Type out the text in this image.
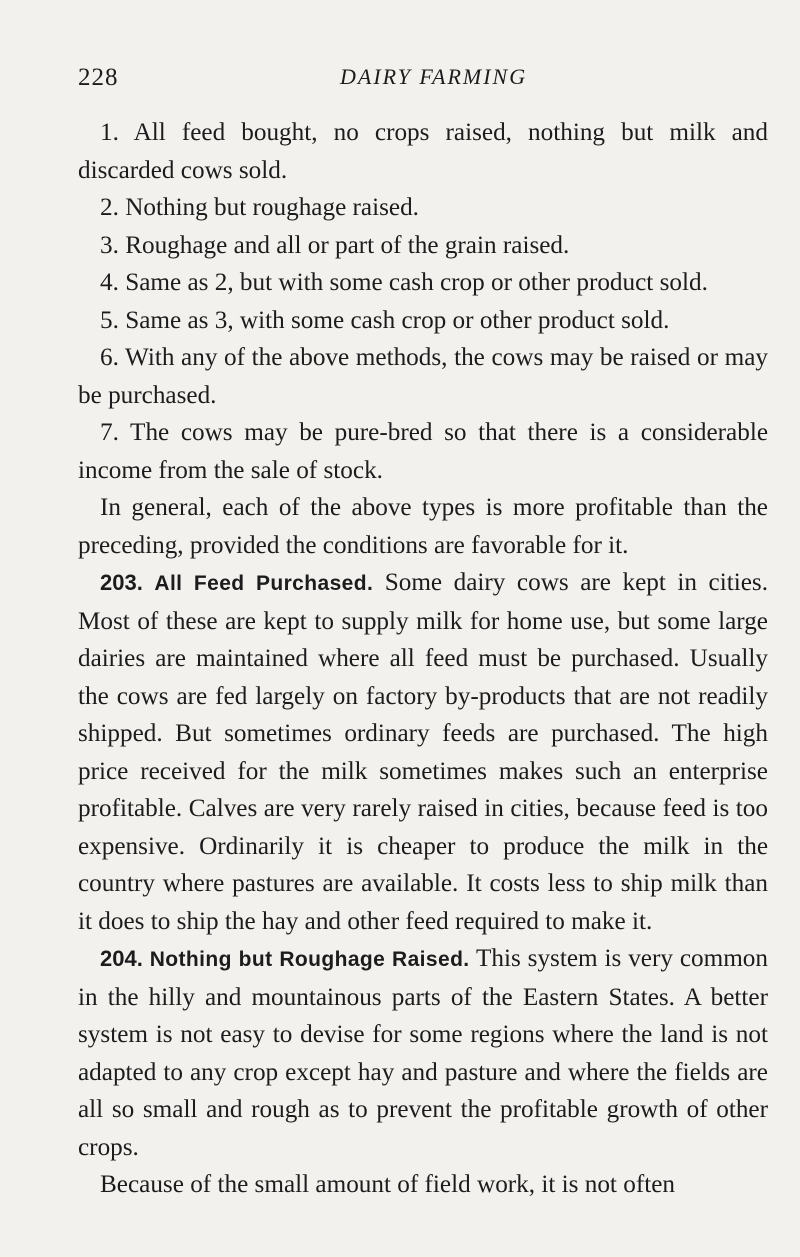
228	DAIRY FARMING

1. All feed bought, no crops raised, nothing but milk and discarded cows sold.

2. Nothing but roughage raised.

3. Roughage and all or part of the grain raised.

4. Same as 2, but with some cash crop or other product sold.

5. Same as 3, with some cash crop or other product sold.

6. With any of the above methods, the cows may be raised or may be purchased.

7. The cows may be pure-bred so that there is a considerable income from the sale of stock.

In general, each of the above types is more profitable than the preceding, provided the conditions are favorable for it.

203. All Feed Purchased. Some dairy cows are kept in cities. Most of these are kept to supply milk for home use, but some large dairies are maintained where all feed must be purchased. Usually the cows are fed largely on factory by-products that are not readily shipped. But sometimes ordinary feeds are purchased. The high price received for the milk sometimes makes such an enterprise profitable. Calves are very rarely raised in cities, because feed is too expensive. Ordinarily it is cheaper to produce the milk in the country where pastures are available. It costs less to ship milk than it does to ship the hay and other feed required to make it.

204. Nothing but Roughage Raised. This system is very common in the hilly and mountainous parts of the Eastern States. A better system is not easy to devise for some regions where the land is not adapted to any crop except hay and pasture and where the fields are all so small and rough as to prevent the profitable growth of other crops.

Because of the small amount of field work, it is not often
